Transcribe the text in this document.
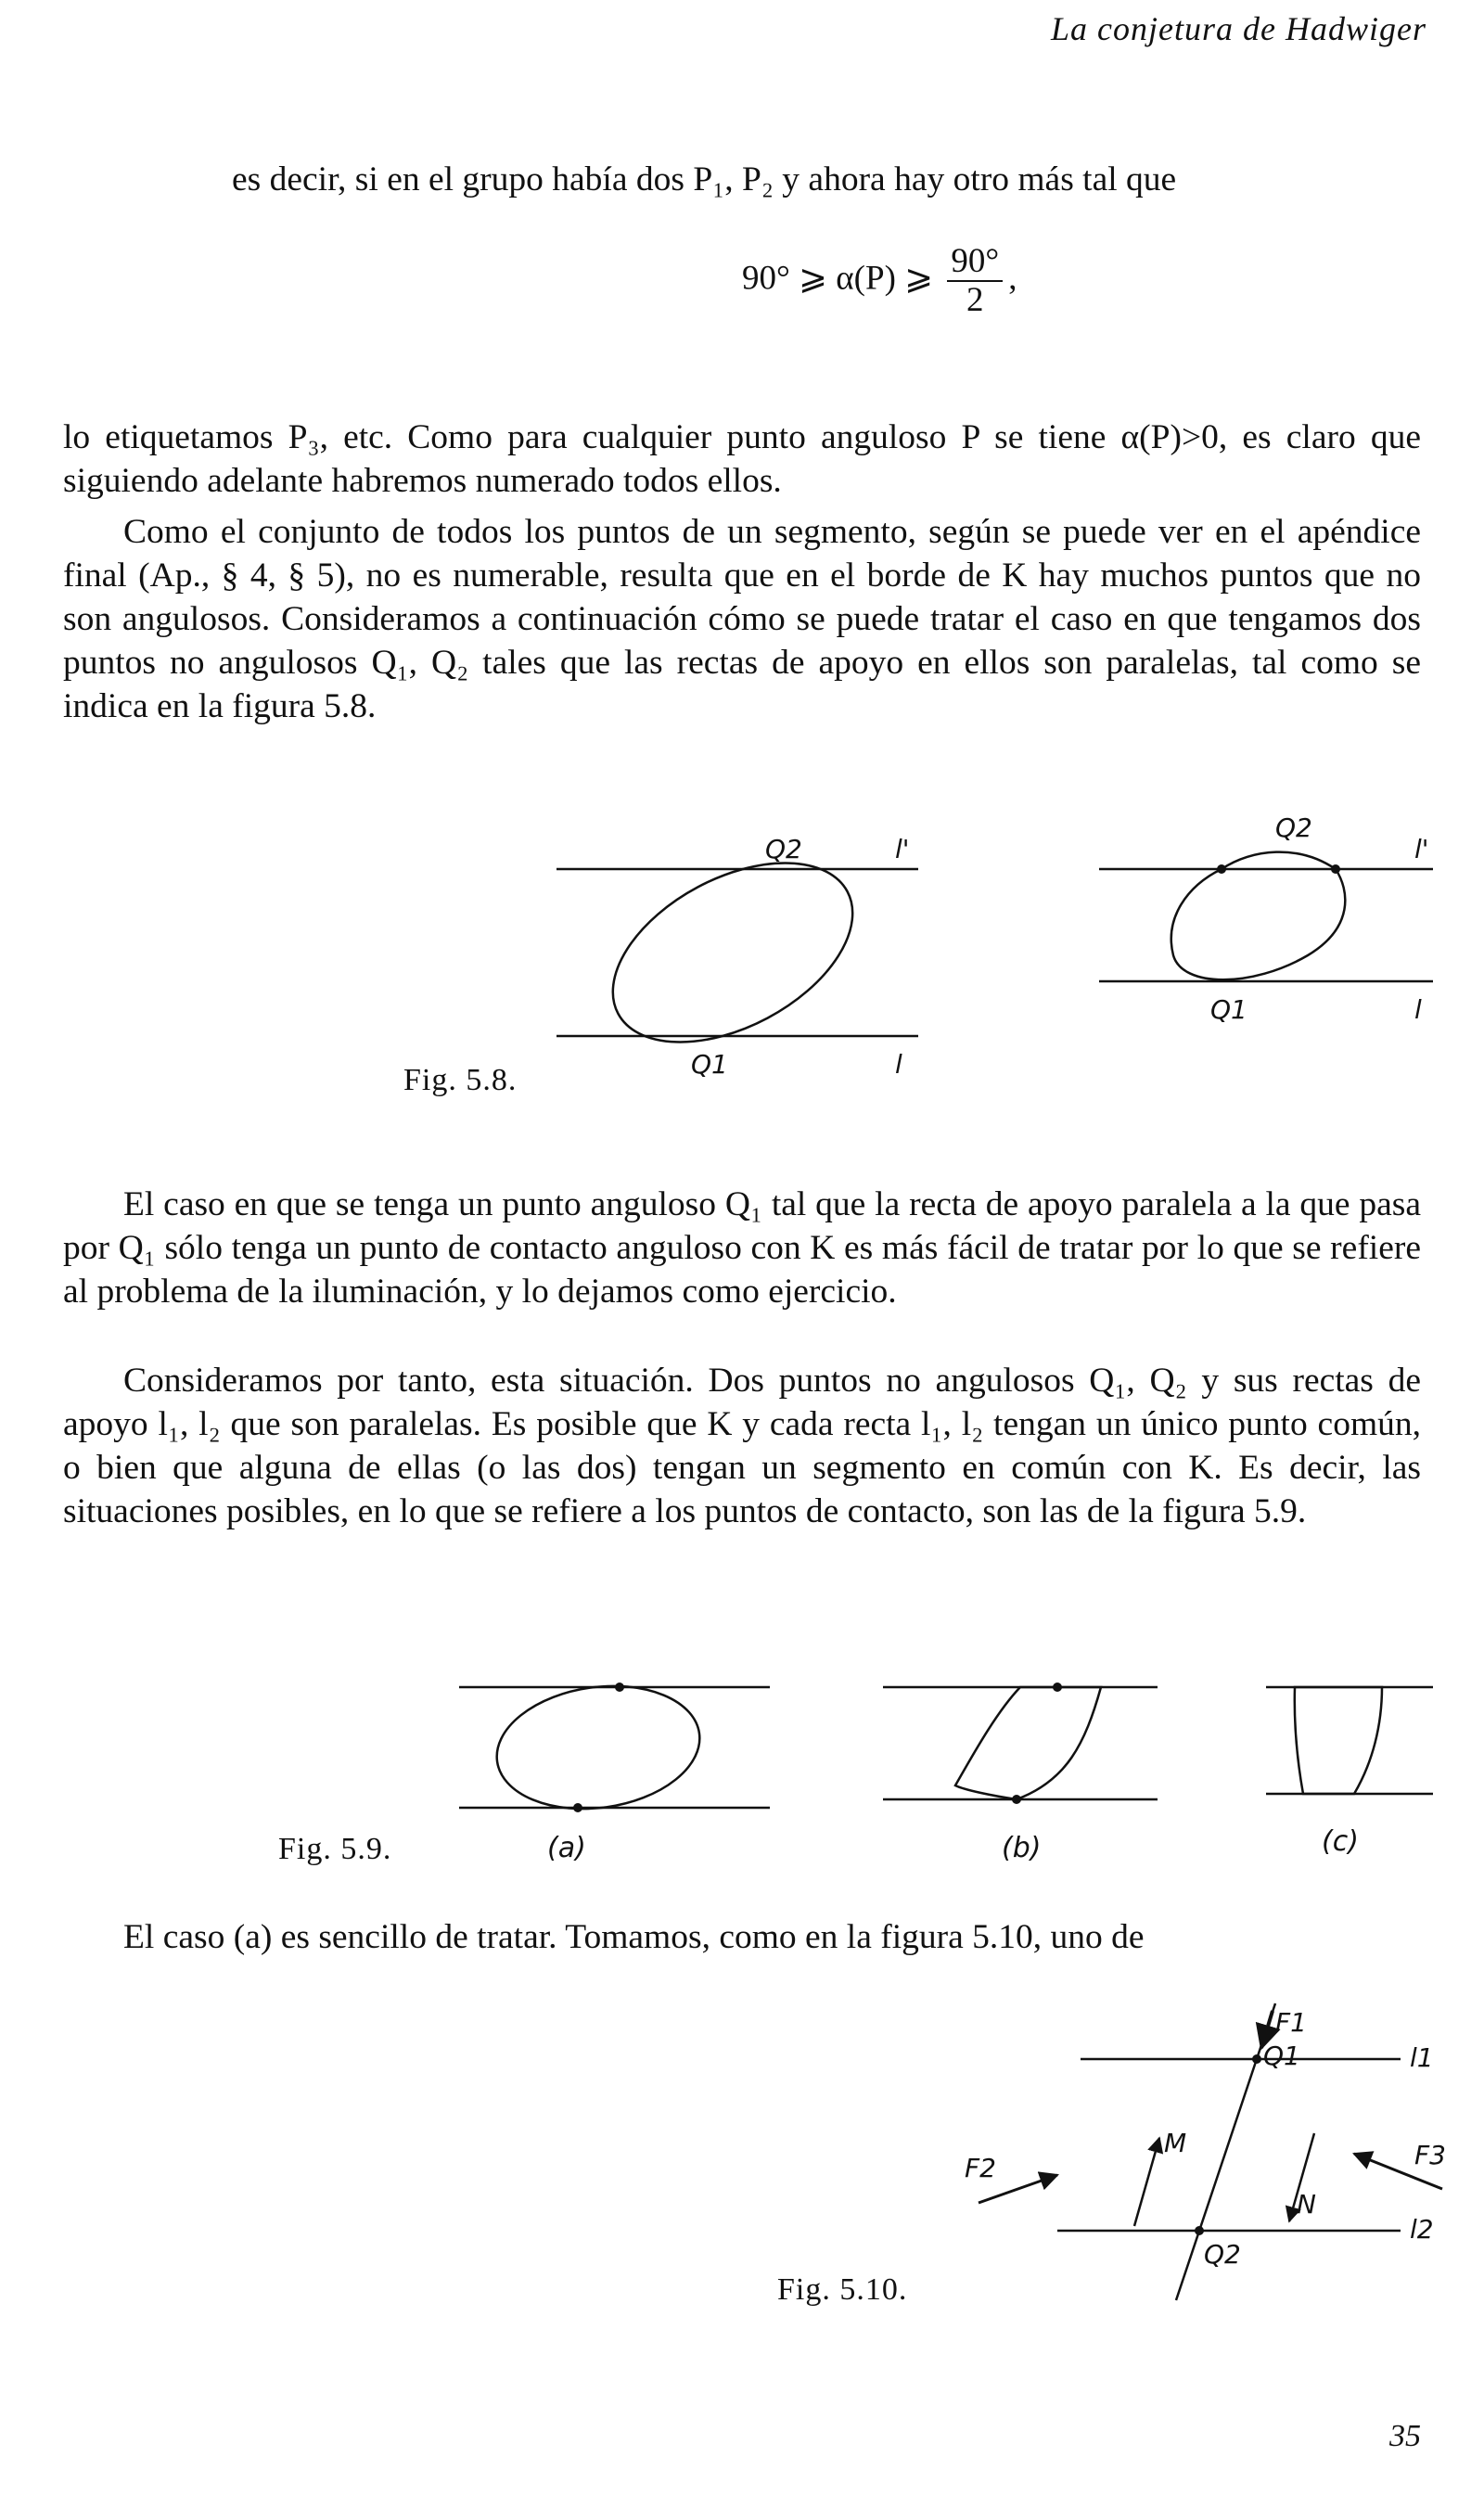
La conjetura de Hadwiger

es decir, si en el grupo había dos P₁, P₂ y ahora hay otro más tal que

90° ⩾ α(P) ⩾ $\frac{90^\circ}{2}$ ,

lo etiquetamos P₃, etc. Como para cualquier punto anguloso P se tiene α(P)>0, es claro que siguiendo adelante habremos numerado todos ellos.

Como el conjunto de todos los puntos de un segmento, según se puede ver en el apéndice final (Ap., § 4, § 5), no es numerable, resulta que en el borde de K hay muchos puntos que no son angulosos. Consideramos a continuación cómo se puede tratar el caso en que tengamos dos puntos no angulosos Q₁, Q₂ tales que las rectas de apoyo en ellos son paralelas, tal como se indica en la figura 5.8.

Q2	l'
Q1	l
Q2
l'
Q1	l
Fig. 5.8.

El caso en que se tenga un punto anguloso Q₁ tal que la recta de apoyo paralela a la que pasa por Q₁ sólo tenga un punto de contacto anguloso con K es más fácil de tratar por lo que se refiere al problema de la iluminación, y lo dejamos como ejercicio.

Consideramos por tanto, esta situación. Dos puntos no angulosos Q₁, Q₂ y sus rectas de apoyo l₁, l₂ que son paralelas. Es posible que K y cada recta l₁, l₂ tengan un único punto común, o bien que alguna de ellas (o las dos) tengan un segmento en común con K. Es decir, las situaciones posibles, en lo que se refiere a los puntos de contacto, son las de la figura 5.9.

Fig. 5.9.	(a)	(b)	(c)

El caso (a) es sencillo de tratar. Tomamos, como en la figura 5.10, uno de

F1
Q1	l1
F2
M	F3
N
l2
Q2
Fig. 5.10.
35
